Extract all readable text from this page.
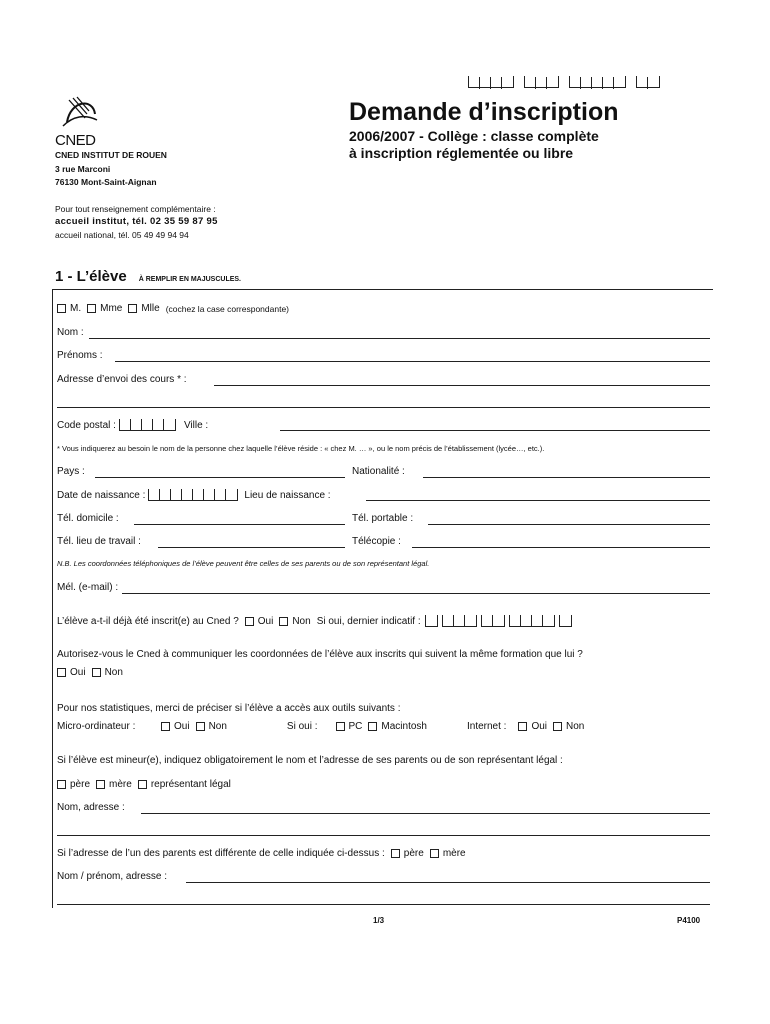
CNED
CNED INSTITUT DE ROUEN
3 rue Marconi
76130 Mont-Saint-Aignan
Pour tout renseignement complémentaire :
accueil institut, tél. 02 35 59 87 95
accueil national, tél. 05 49 49 94 94
Demande d’inscription
2006/2007 - Collège : classe complète
à inscription réglementée ou libre
1 - L’élève À REMPLIR EN MAJUSCULES.
M. Mme Mlle (cochez la case correspondante)
Nom :
Prénoms :
Adresse d’envoi des cours * :
Code postal :	Ville :
* Vous indiquerez au besoin le nom de la personne chez laquelle l’élève réside : « chez M. … », ou le nom précis de l’établissement (lycée…, etc.).
Pays :	Nationalité :
Date de naissance :	Lieu de naissance :
Tél. domicile :	Tél. portable :
Tél. lieu de travail :	Télécopie :
N.B. Les coordonnées téléphoniques de l’élève peuvent être celles de ses parents ou de son représentant légal.
Mél. (e-mail) :
L’élève a-t-il déjà été inscrit(e) au Cned ? Oui Non Si oui, dernier indicatif :
Autorisez-vous le Cned à communiquer les coordonnées de l’élève aux inscrits qui suivent la même formation que lui ?
Oui Non
Pour nos statistiques, merci de préciser si l’élève a accès aux outils suivants :
Micro-ordinateur :	Oui Non	Si oui :	PC Macintosh	Internet :	Oui Non
Si l’élève est mineur(e), indiquez obligatoirement le nom et l’adresse de ses parents ou de son représentant légal :
père mère représentant légal
Nom, adresse :
Si l’adresse de l’un des parents est différente de celle indiquée ci-dessus : père mère
Nom / prénom, adresse :
1/3	P4100
